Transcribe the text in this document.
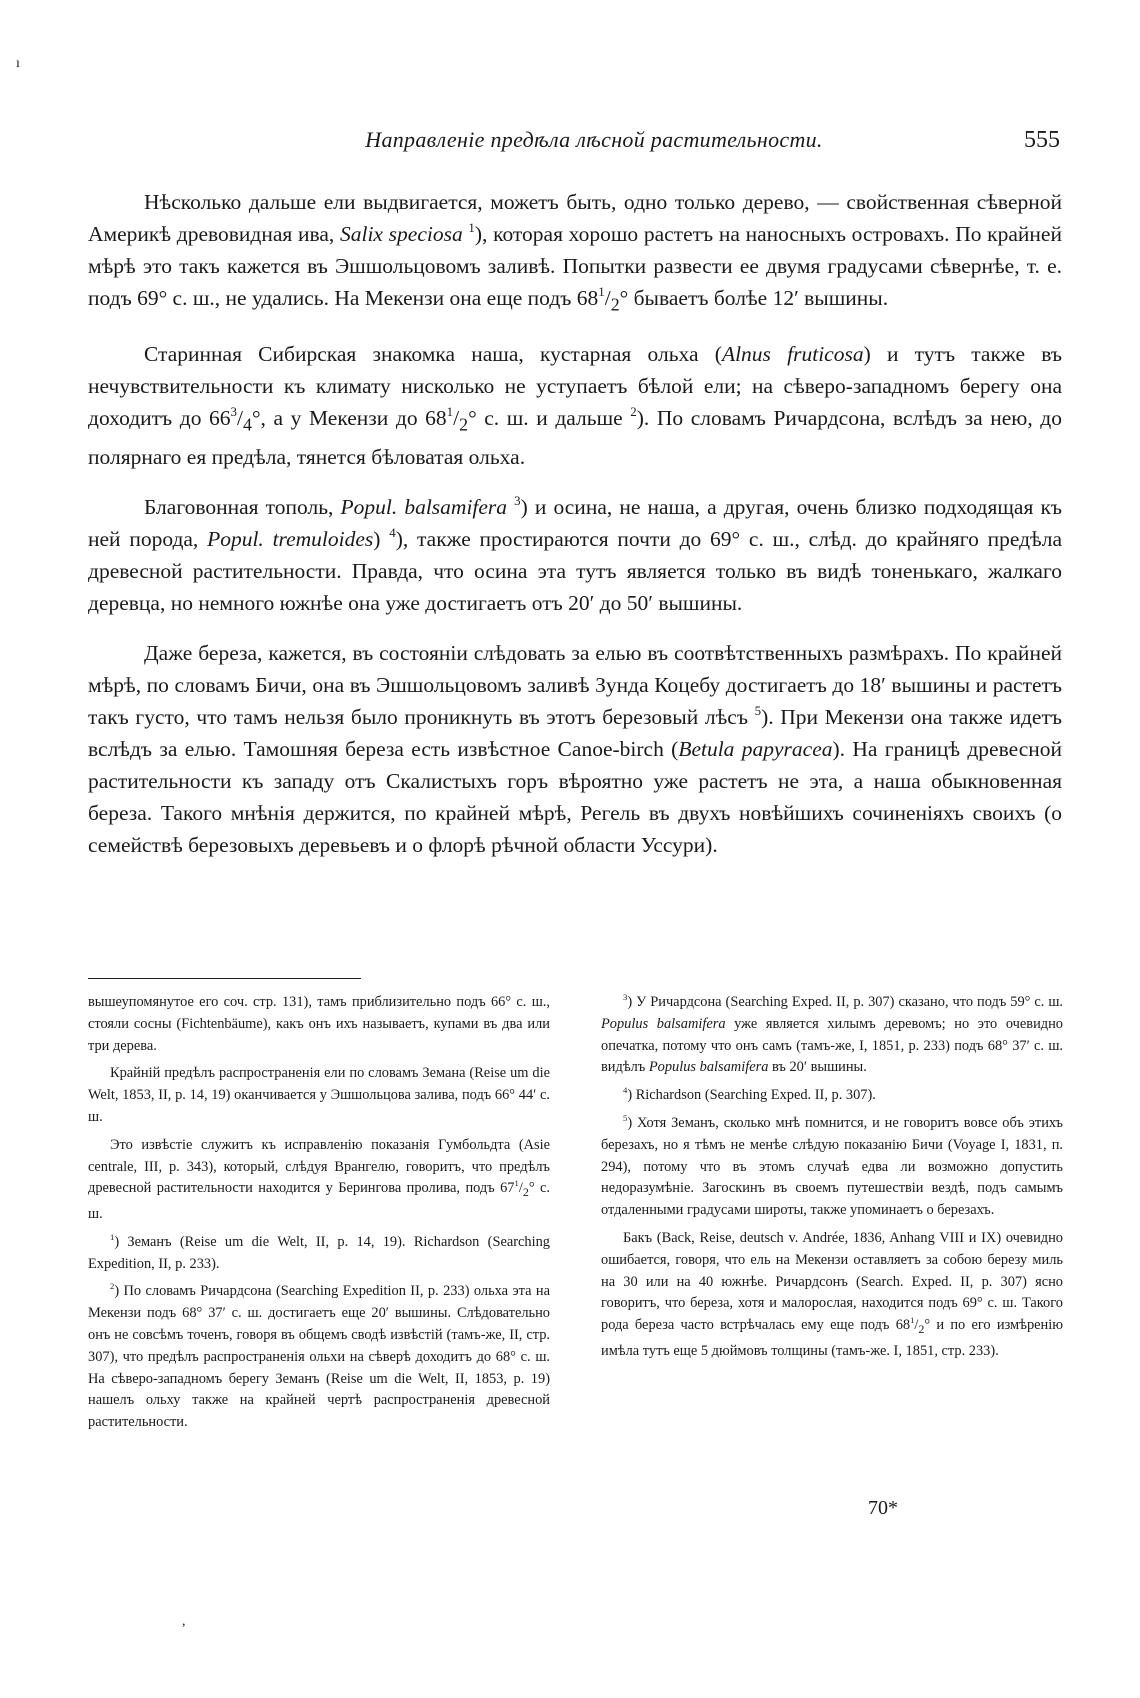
ı
Направленіе предѣла лѣсной растительности.	555

Нѣсколько дальше ели выдвигается, можетъ быть, одно только дерево, — свойственная сѣверной Америкѣ древовидная ива, Salix speciosa $^1$), которая хорошо растетъ на наносныхъ островахъ. По крайней мѣрѣ это такъ кажется въ Эшшольцовомъ заливѣ. Попытки развести ее двумя градусами сѣвернѣе, т. е. подъ 69° с. ш., не удались. На Мекензи она еще подъ $68^1/_2^\circ$ бываетъ болѣе 12′ вышины.

Старинная Сибирская знакомка наша, кустарная ольха (Alnus fruticosa) и тутъ также въ нечувствительности къ климату нисколько не уступаетъ бѣлой ели; на сѣверо-западномъ берегу она доходитъ до $66^3/_4^\circ$, а у Мекензи до $68^1/_2^\circ$ с. ш. и дальше $^2$). По словамъ Ричардсона, вслѣдъ за нею, до полярнаго ея предѣла, тянется бѣловатая ольха.

Благовонная тополь, Popul. balsamifera $^3$) и осина, не наша, а другая, очень близко подходящая къ ней порода, Popul. tremuloides) $^4$), также простираются почти до 69° с. ш., слѣд. до крайняго предѣла древесной растительности. Правда, что осина эта тутъ является только въ видѣ тоненькаго, жалкаго деревца, но немного южнѣе она уже достигаетъ отъ 20′ до 50′ вышины.

Даже береза, кажется, въ состояніи слѣдовать за елью въ соотвѣтственныхъ размѣрахъ. По крайней мѣрѣ, по словамъ Бичи, она въ Эшшольцовомъ заливѣ Зунда Коцебу достигаетъ до 18′ вышины и растетъ такъ густо, что тамъ нельзя было проникнуть въ этотъ березовый лѣсъ $^5$). При Мекензи она также идетъ вслѣдъ за елью. Тамошняя береза есть извѣстное Canoe-birch (Betula papyracea). На границѣ древесной растительности къ западу отъ Скалистыхъ горъ вѣроятно уже растетъ не эта, а наша обыкновенная береза. Такого мнѣнія держится, по крайней мѣрѣ, Регель въ двухъ новѣйшихъ сочиненіяхъ своихъ (о семействѣ березовыхъ деревьевъ и о флорѣ рѣчной области Уссури).

вышеупомянутое его соч. стр. 131), тамъ приблизительно подъ 66° с. ш., стояли сосны (Fichtenbäume), какъ онъ ихъ называетъ, купами въ два или три дерева.

Крайній предѣлъ распространенія ели по словамъ Земана (Reise um die Welt, 1853, II, p. 14, 19) оканчивается у Эшшольцова залива, подъ 66° 44′ с. ш.

Это извѣстіе служитъ къ исправленію показанія Гумбольдта (Asie centrale, III, p. 343), который, слѣдуя Врангелю, говоритъ, что предѣлъ древесной растительности находится у Берингова пролива, подъ $67^1/_2^\circ$ с. ш.

$^1$) Земанъ (Reise um die Welt, II, p. 14, 19). Richardson (Searching Expedition, II, p. 233).

$^2$) По словамъ Ричардсона (Searching Expedition II, p. 233) ольха эта на Мекензи подъ 68° 37′ с. ш. достигаетъ еще 20′ вышины. Слѣдовательно онъ не совсѣмъ точенъ, говоря въ общемъ сводѣ извѣстій (тамъ-же, II, стр. 307), что предѣлъ распространенія ольхи на сѣверѣ доходитъ до 68° с. ш. На сѣверо-западномъ берегу Земанъ (Reise um die Welt, II, 1853, p. 19) нашелъ ольху также на крайней чертѣ распространенія древесной растительности.

$^3$) У Ричардсона (Searching Exped. II, p. 307) сказано, что подъ 59° с. ш. Populus balsamifera уже является хилымъ деревомъ; но это очевидно опечатка, потому что онъ самъ (тамъ-же, I, 1851, p. 233) подъ 68° 37′ с. ш. видѣлъ Populus balsamifera въ 20′ вышины.

$^4$) Richardson (Searching Exped. II, p. 307).

$^5$) Хотя Земанъ, сколько мнѣ помнится, и не говоритъ вовсе объ этихъ березахъ, но я тѣмъ не менѣе слѣдую показанію Бичи (Voyage I, 1831, п. 294), потому что въ этомъ случаѣ едва ли возможно допустить недоразумѣніе. Загоскинъ въ своемъ путешествіи вездѣ, подъ самымъ отдаленными градусами широты, также упоминаетъ о березахъ.

Бакъ (Back, Reise, deutsch v. Andrée, 1836, Anhang VIII и IX) очевидно ошибается, говоря, что ель на Мекензи оставляетъ за собою березу миль на 30 или на 40 южнѣе. Ричардсонъ (Search. Exped. II, p. 307) ясно говоритъ, что береза, хотя и малорослая, находится подъ 69° с. ш. Такого рода береза часто встрѣчалась ему еще подъ $68^1/_2^\circ$ и по его измѣренію имѣла тутъ еще 5 дюймовъ толщины (тамъ-же. I, 1851, стр. 233).

70*
,
